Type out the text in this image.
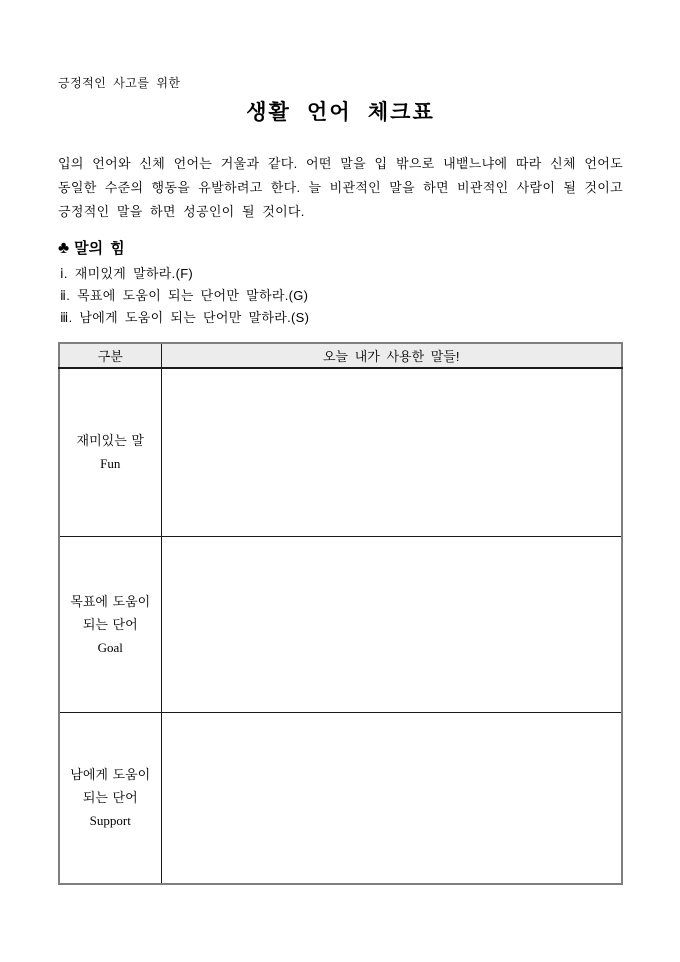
긍정적인 사고를 위한
생활 언어 체크표

입의 언어와 신체 언어는 거울과 같다. 어떤 말을 입 밖으로 내뱉느냐에 따라 신체 언어도 동일한 수준의 행동을 유발하려고 한다. 늘 비관적인 말을 하면 비관적인 사람이 될 것이고 긍정적인 말을 하면 성공인이 될 것이다.

♣ 말의 힘
ⅰ. 재미있게 말하라.(F)
ⅱ. 목표에 도움이 되는 단어만 말하라.(G)
ⅲ. 남에게 도움이 되는 단어만 말하라.(S)
구분	오늘 내가 사용한 말들!

재미있는 말
Fun	

목표에 도움이 되는 단어
Goal	

남에게 도움이 되는 단어
Support	
